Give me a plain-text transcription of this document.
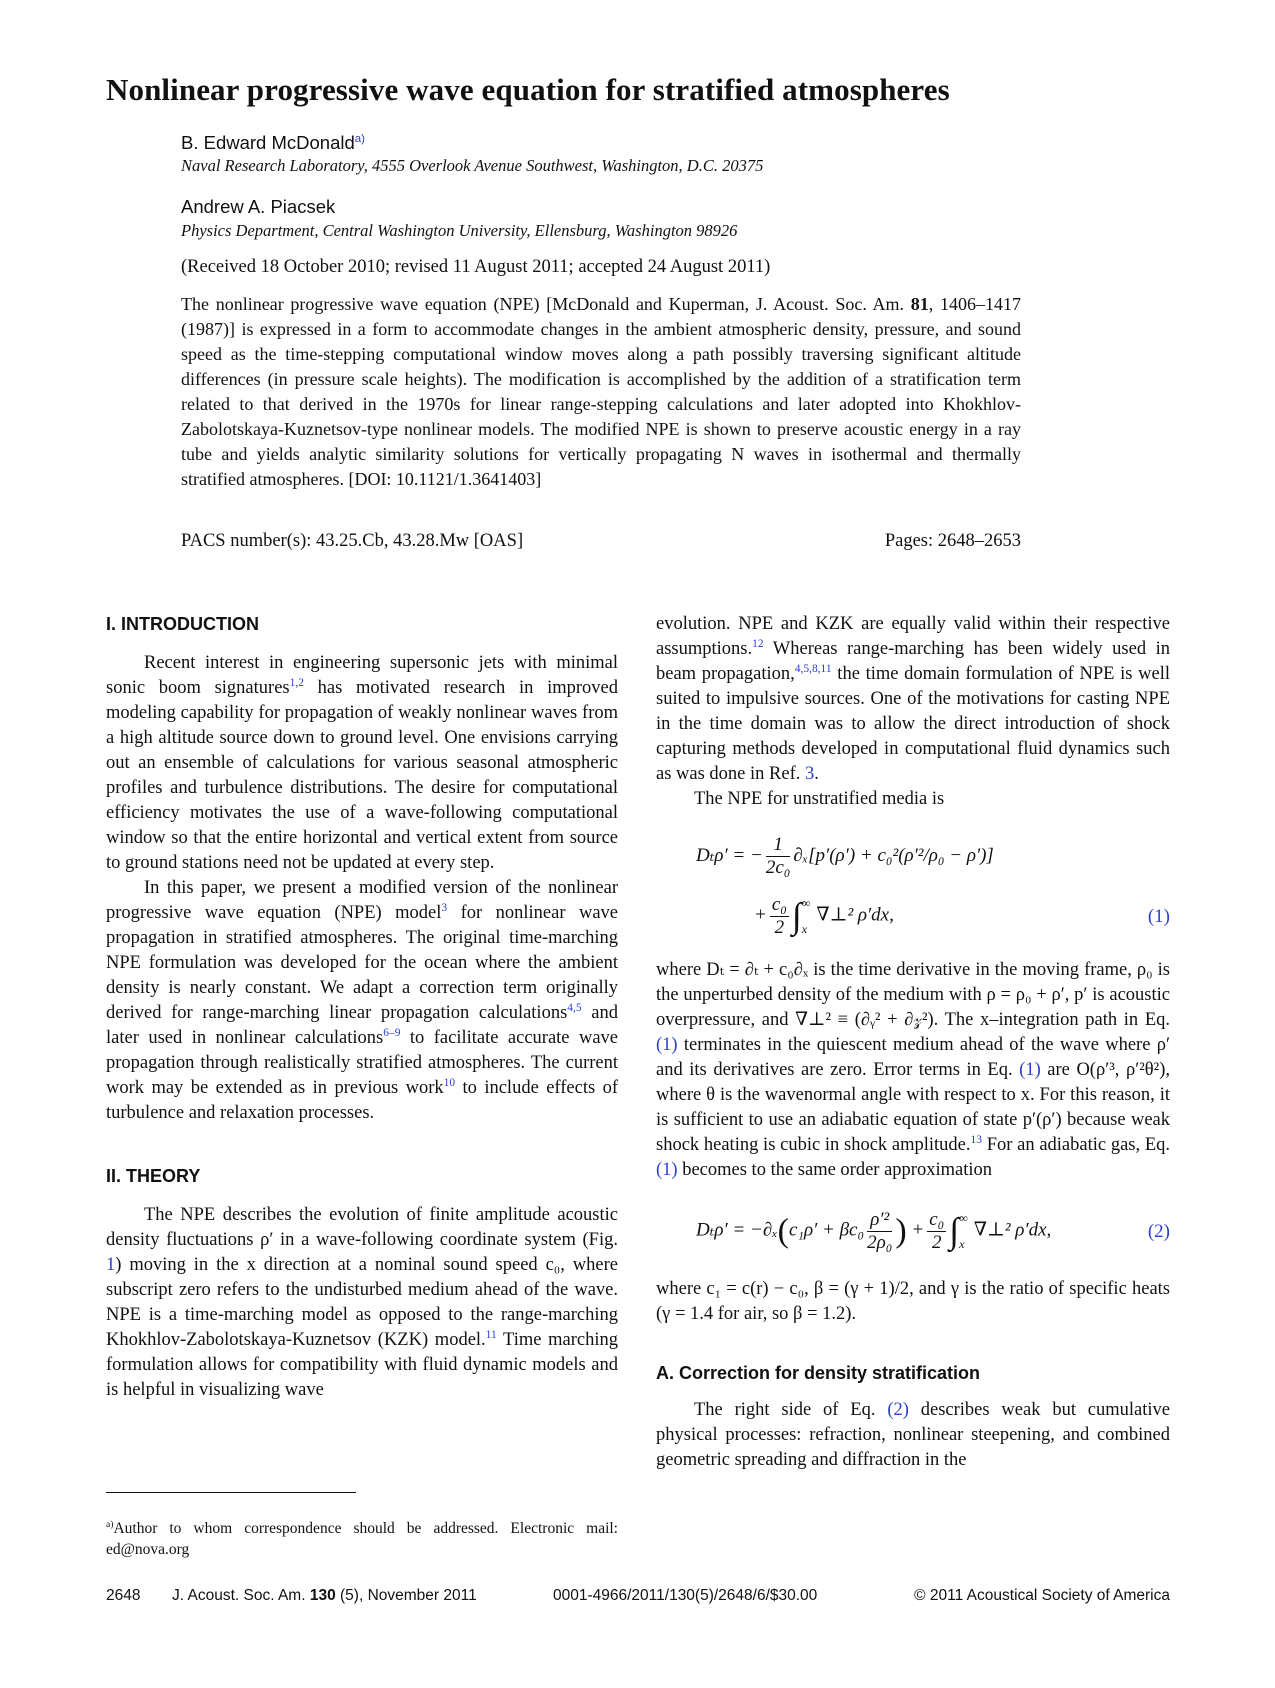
Nonlinear progressive wave equation for stratified atmospheres
B. Edward McDonald$^{a)}$
Naval Research Laboratory, 4555 Overlook Avenue Southwest, Washington, D.C. 20375
Andrew A. Piacsek
Physics Department, Central Washington University, Ellensburg, Washington 98926
(Received 18 October 2010; revised 11 August 2011; accepted 24 August 2011)
The nonlinear progressive wave equation (NPE) [McDonald and Kuperman, J. Acoust. Soc. Am. 81, 1406–1417 (1987)] is expressed in a form to accommodate changes in the ambient atmospheric density, pressure, and sound speed as the time-stepping computational window moves along a path possibly traversing significant altitude differences (in pressure scale heights). The modification is accomplished by the addition of a stratification term related to that derived in the 1970s for linear range-stepping calculations and later adopted into Khokhlov-Zabolotskaya-Kuznetsov-type nonlinear models. The modified NPE is shown to preserve acoustic energy in a ray tube and yields analytic similarity solutions for vertically propagating N waves in isothermal and thermally stratified atmospheres. [DOI: 10.1121/1.3641403]
PACS number(s): 43.25.Cb, 43.28.Mw [OAS]	Pages: 2648–2653
I. INTRODUCTION

Recent interest in engineering supersonic jets with minimal sonic boom signatures$^{1,2}$ has motivated research in improved modeling capability for propagation of weakly nonlinear waves from a high altitude source down to ground level. One envisions carrying out an ensemble of calculations for various seasonal atmospheric profiles and turbulence distributions. The desire for computational efficiency motivates the use of a wave-following computational window so that the entire horizontal and vertical extent from source to ground stations need not be updated at every step.

In this paper, we present a modified version of the nonlinear progressive wave equation (NPE) model$^3$ for nonlinear wave propagation in stratified atmospheres. The original time-marching NPE formulation was developed for the ocean where the ambient density is nearly constant. We adapt a correction term originally derived for range-marching linear propagation calculations$^{4,5}$ and later used in nonlinear calculations$^{6-9}$ to facilitate accurate wave propagation through realistically stratified atmospheres. The current work may be extended as in previous work$^{10}$ to include effects of turbulence and relaxation processes.

II. THEORY

The NPE describes the evolution of finite amplitude acoustic density fluctuations ρ′ in a wave-following coordinate system (Fig. 1) moving in the x direction at a nominal sound speed c₀, where subscript zero refers to the undisturbed medium ahead of the wave. NPE is a time-marching model as opposed to the range-marching Khokhlov-Zabolotskaya-Kuznetsov (KZK) model.$^{11}$ Time marching formulation allows for compatibility with fluid dynamic models and is helpful in visualizing wave

$^{a)}$Author to whom correspondence should be addressed. Electronic mail: ed@nova.org

evolution. NPE and KZK are equally valid within their respective assumptions.$^{12}$ Whereas range-marching has been widely used in beam propagation,$^{4,5,8,11}$ the time domain formulation of NPE is well suited to impulsive sources. One of the motivations for casting NPE in the time domain was to allow the direct introduction of shock capturing methods developed in computational fluid dynamics such as was done in Ref. 3.

The NPE for unstratified media is

Dₜρ′ = − $\frac{1}{\text{2c₀}} \partial_x[p'(\rho') + c_0^2(\rho'^2/\rho_0 - \rho')]$
+ $\frac{\text{c₀}}{2}$ ∫ ∞
x
∇⊥² ρ′dx,	(1)

where Dₜ = ∂ₜ + c₀∂ₓ is the time derivative in the moving frame, ρ₀ is the unperturbed density of the medium with ρ = ρ₀ + ρ′, p′ is acoustic overpressure, and ∇⊥² ≡ (∂ᵧ² + ∂𝓏²). The x–integration path in Eq. (1) terminates in the quiescent medium ahead of the wave where ρ′ and its derivatives are zero. Error terms in Eq. (1) are O(ρ′³, ρ′²θ²), where θ is the wavenormal angle with respect to x. For this reason, it is sufficient to use an adiabatic equation of state p′(ρ′) because weak shock heating is cubic in shock amplitude.$^{13}$ For an adiabatic gas, Eq. (1) becomes to the same order approximation

$D_t\rho' = -\partial_x(c_1\rho' + \beta c_0 \frac{\text{ρ′²}}{\text{2ρ₀}}$ ) + $\frac{\text{c₀}}{2}$ ∫ ∞
x
∇⊥² ρ′dx,	(2)

where c₁ = c(r) − c₀, β = (γ + 1)/2, and γ is the ratio of specific heats (γ = 1.4 for air, so β = 1.2).

A. Correction for density stratification

The right side of Eq. (2) describes weak but cumulative physical processes: refraction, nonlinear steepening, and combined geometric spreading and diffraction in the

2648 J. Acoust. Soc. Am. 130 (5), November 2011	0001-4966/2011/130(5)/2648/6/$30.00	© 2011 Acoustical Society of America
